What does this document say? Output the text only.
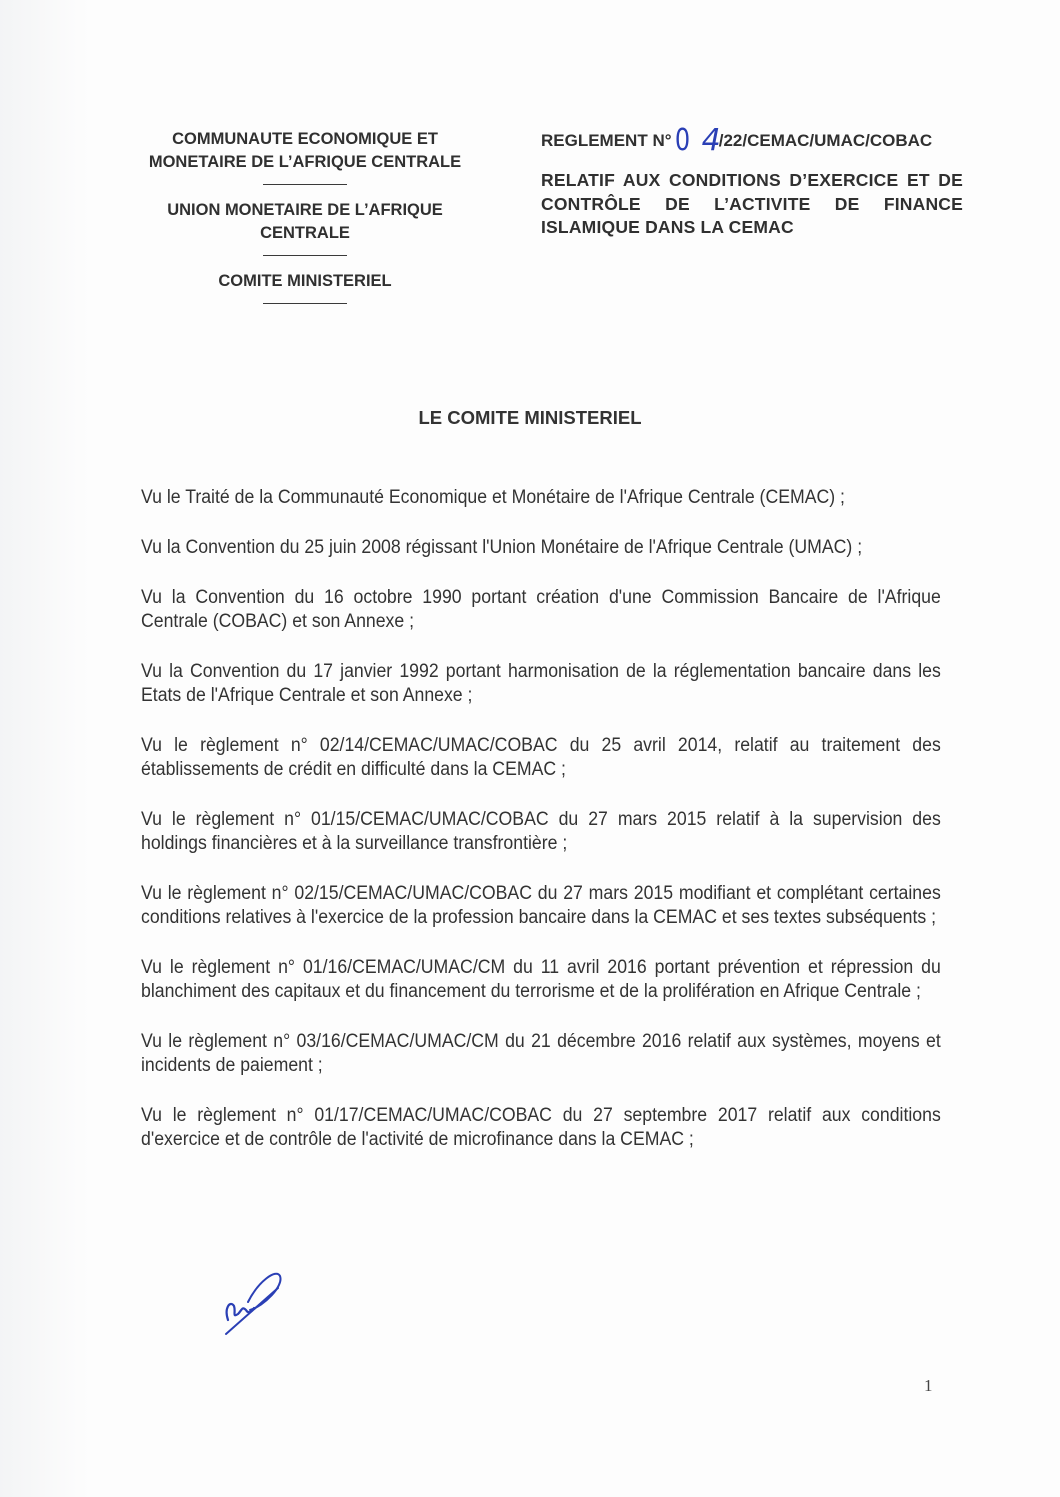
COMMUNAUTE ECONOMIQUE ET

MONETAIRE DE L’AFRIQUE CENTRALE

UNION MONETAIRE DE L’AFRIQUE

CENTRALE

COMITE MINISTERIEL

REGLEMENT N°0 4/22/CEMAC/UMAC/COBAC
RELATIF AUX CONDITIONS D’EXERCICE ET DE CONTRÔLE DE L’ACTIVITE DE FINANCE ISLAMIQUE DANS LA CEMAC
LE COMITE MINISTERIEL

Vu le Traité de la Communauté Economique et Monétaire de l'Afrique Centrale (CEMAC) ;

Vu la Convention du 25 juin 2008 régissant l'Union Monétaire de l'Afrique Centrale (UMAC) ;

Vu la Convention du 16 octobre 1990 portant création d'une Commission Bancaire de l'Afrique Centrale (COBAC) et son Annexe ;

Vu la Convention du 17 janvier 1992 portant harmonisation de la réglementation bancaire dans les Etats de l'Afrique Centrale et son Annexe ;

Vu le règlement n° 02/14/CEMAC/UMAC/COBAC du 25 avril 2014, relatif au traitement des établissements de crédit en difficulté dans la CEMAC ;

Vu le règlement n° 01/15/CEMAC/UMAC/COBAC du 27 mars 2015 relatif à la supervision des holdings financières et à la surveillance transfrontière ;

Vu le règlement n° 02/15/CEMAC/UMAC/COBAC du 27 mars 2015 modifiant et complétant certaines conditions relatives à l'exercice de la profession bancaire dans la CEMAC et ses textes subséquents ;

Vu le règlement n° 01/16/CEMAC/UMAC/CM du 11 avril 2016 portant prévention et répression du blanchiment des capitaux et du financement du terrorisme et de la prolifération en Afrique Centrale ;

Vu le règlement n° 03/16/CEMAC/UMAC/CM du 21 décembre 2016 relatif aux systèmes, moyens et incidents de paiement ;

Vu le règlement n° 01/17/CEMAC/UMAC/COBAC du 27 septembre 2017 relatif aux conditions d'exercice et de contrôle de l'activité de microfinance dans la CEMAC ;

1
